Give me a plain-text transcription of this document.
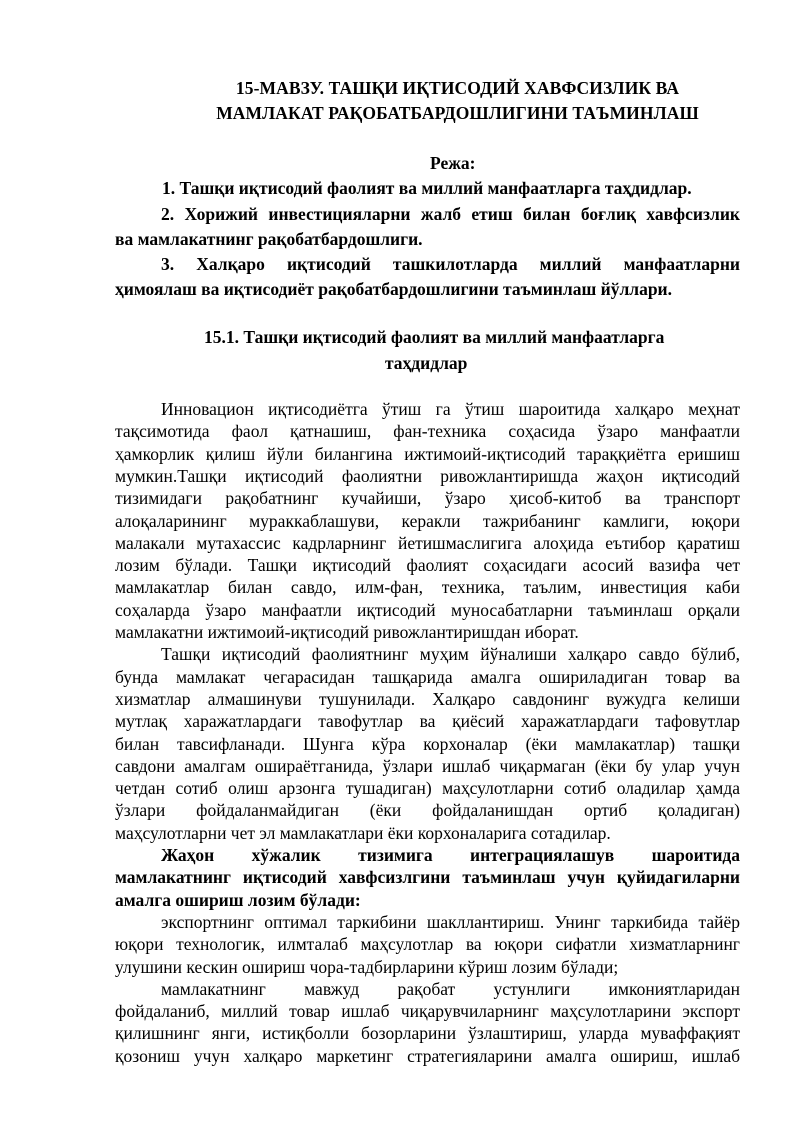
15-МАВЗУ. ТАШҚИ ИҚТИСОДИЙ ХАВФСИЗЛИК ВА
МАМЛАКАТ РАҚОБАТБАРДОШЛИГИНИ ТАЪМИНЛАШ
Режа:
1. Ташқи иқтисодий фаолият ва миллий манфаатларга таҳдидлар.
2. Хорижий инвестицияларни жалб етиш билан боғлиқ хавфсизлик
ва мамлакатнинг рақобатбардошлиги.
3. Халқаро иқтисодий ташкилотларда миллий манфаатларни
ҳимоялаш ва иқтисодиёт рақобатбардошлигини таъминлаш йўллари.
15.1. Ташқи иқтисодий фаолият ва миллий манфаатларга
таҳдидлар
Инновацион иқтисодиётга ўтиш га ўтиш шароитида халқаро меҳнат
тақсимотида фаол қатнашиш, фан-техника соҳасида ўзаро манфаатли
ҳамкорлик қилиш йўли билангина ижтимоий-иқтисодий тараққиётга еришиш
мумкин.Ташқи иқтисодий фаолиятни ривожлантиришда жаҳон иқтисодий
тизимидаги рақобатнинг кучайиши, ўзаро ҳисоб-китоб ва транспорт
алоқаларининг мураккаблашуви, керакли тажрибанинг камлиги, юқори
малакали мутахассис кадрларнинг йетишмаслигига алоҳида еътибор қаратиш
лозим бўлади. Ташқи иқтисодий фаолият соҳасидаги асосий вазифа чет
мамлакатлар билан савдо, илм-фан, техника, таълим, инвестиция каби
соҳаларда ўзаро манфаатли иқтисодий муносабатларни таъминлаш орқали
мамлакатни ижтимоий-иқтисодий ривожлантиришдан иборат.
Ташқи иқтисодий фаолиятнинг муҳим йўналиши халқаро савдо бўлиб,
бунда мамлакат чегарасидан ташқарида амалга ошириладиган товар ва
хизматлар алмашинуви тушунилади. Халқаро савдонинг вужудга келиши
мутлақ харажатлардаги тавофутлар ва қиёсий харажатлардаги тафовутлар
билан тавсифланади. Шунга кўра корхоналар (ёки мамлакатлар) ташқи
савдони амалгам ошираётганида, ўзлари ишлаб чиқармаган (ёки бу улар учун
четдан сотиб олиш арзонга тушадиган) маҳсулотларни сотиб оладилар ҳамда
ўзлари фойдаланмайдиган (ёки фойдаланишдан ортиб қоладиган)
маҳсулотларни чет эл мамлакатлари ёки корхоналарига сотадилар.
Жаҳон хўжалик тизимига интеграциялашув шароитида
мамлакатнинг иқтисодий хавфсизлгини таъминлаш учун қуйидагиларни
амалга ошириш лозим бўлади:
экспортнинг оптимал таркибини шакллантириш. Унинг таркибида тайёр
юқори технологик, илмталаб маҳсулотлар ва юқори сифатли хизматларнинг
улушини кескин ошириш чора-тадбирларини кўриш лозим бўлади;
мамлакатнинг мавжуд рақобат устунлиги имкониятларидан
фойдаланиб, миллий товар ишлаб чиқарувчиларнинг маҳсулотларини экспорт
қилишнинг янги, истиқболли бозорларини ўзлаштириш, уларда муваффақият
қозониш учун халқаро маркетинг стратегияларини амалга ошириш, ишлаб
